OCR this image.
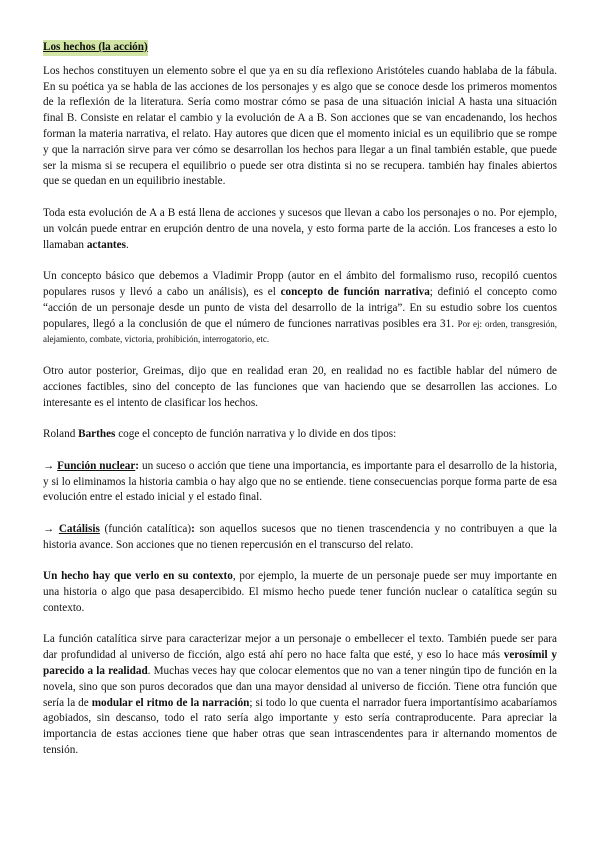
Los hechos (la acción)

Los hechos constituyen un elemento sobre el que ya en su día reflexiono Aristóteles cuando hablaba de la fábula. En su poética ya se habla de las acciones de los personajes y es algo que se conoce desde los primeros momentos de la reflexión de la literatura. Sería como mostrar cómo se pasa de una situación inicial A hasta una situación final B. Consiste en relatar el cambio y la evolución de A a B. Son acciones que se van encadenando, los hechos forman la materia narrativa, el relato. Hay autores que dicen que el momento inicial es un equilibrio que se rompe y que la narración sirve para ver cómo se desarrollan los hechos para llegar a un final también estable, que puede ser la misma si se recupera el equilibrio o puede ser otra distinta si no se recupera. también hay finales abiertos que se quedan en un equilibrio inestable.

Toda esta evolución de A a B está llena de acciones y sucesos que llevan a cabo los personajes o no. Por ejemplo, un volcán puede entrar en erupción dentro de una novela, y esto forma parte de la acción. Los franceses a esto lo llamaban actantes.

Un concepto básico que debemos a Vladimir Propp (autor en el ámbito del formalismo ruso, recopiló cuentos populares rusos y llevó a cabo un análisis), es el concepto de función narrativa; definió el concepto como “acción de un personaje desde un punto de vista del desarrollo de la intriga”. En su estudio sobre los cuentos populares, llegó a la conclusión de que el número de funciones narrativas posibles era 31. Por ej: orden, transgresión, alejamiento, combate, victoria, prohibición, interrogatorio, etc.

Otro autor posterior, Greimas, dijo que en realidad eran 20, en realidad no es factible hablar del número de acciones factibles, sino del concepto de las funciones que van haciendo que se desarrollen las acciones. Lo interesante es el intento de clasificar los hechos.

Roland Barthes coge el concepto de función narrativa y lo divide en dos tipos:

→ Función nuclear: un suceso o acción que tiene una importancia, es importante para el desarrollo de la historia, y si lo eliminamos la historia cambia o hay algo que no se entiende. tiene consecuencias porque forma parte de esa evolución entre el estado inicial y el estado final.

→ Catálisis (función catalítica): son aquellos sucesos que no tienen trascendencia y no contribuyen a que la historia avance. Son acciones que no tienen repercusión en el transcurso del relato.

Un hecho hay que verlo en su contexto, por ejemplo, la muerte de un personaje puede ser muy importante en una historia o algo que pasa desapercibido. El mismo hecho puede tener función nuclear o catalítica según su contexto.

La función catalítica sirve para caracterizar mejor a un personaje o embellecer el texto. También puede ser para dar profundidad al universo de ficción, algo está ahí pero no hace falta que esté, y eso lo hace más verosímil y parecido a la realidad. Muchas veces hay que colocar elementos que no van a tener ningún tipo de función en la novela, sino que son puros decorados que dan una mayor densidad al universo de ficción. Tiene otra función que sería la de modular el ritmo de la narración; si todo lo que cuenta el narrador fuera importantísimo acabaríamos agobiados, sin descanso, todo el rato sería algo importante y esto sería contraproducente. Para apreciar la importancia de estas acciones tiene que haber otras que sean intrascendentes para ir alternando momentos de tensión.
